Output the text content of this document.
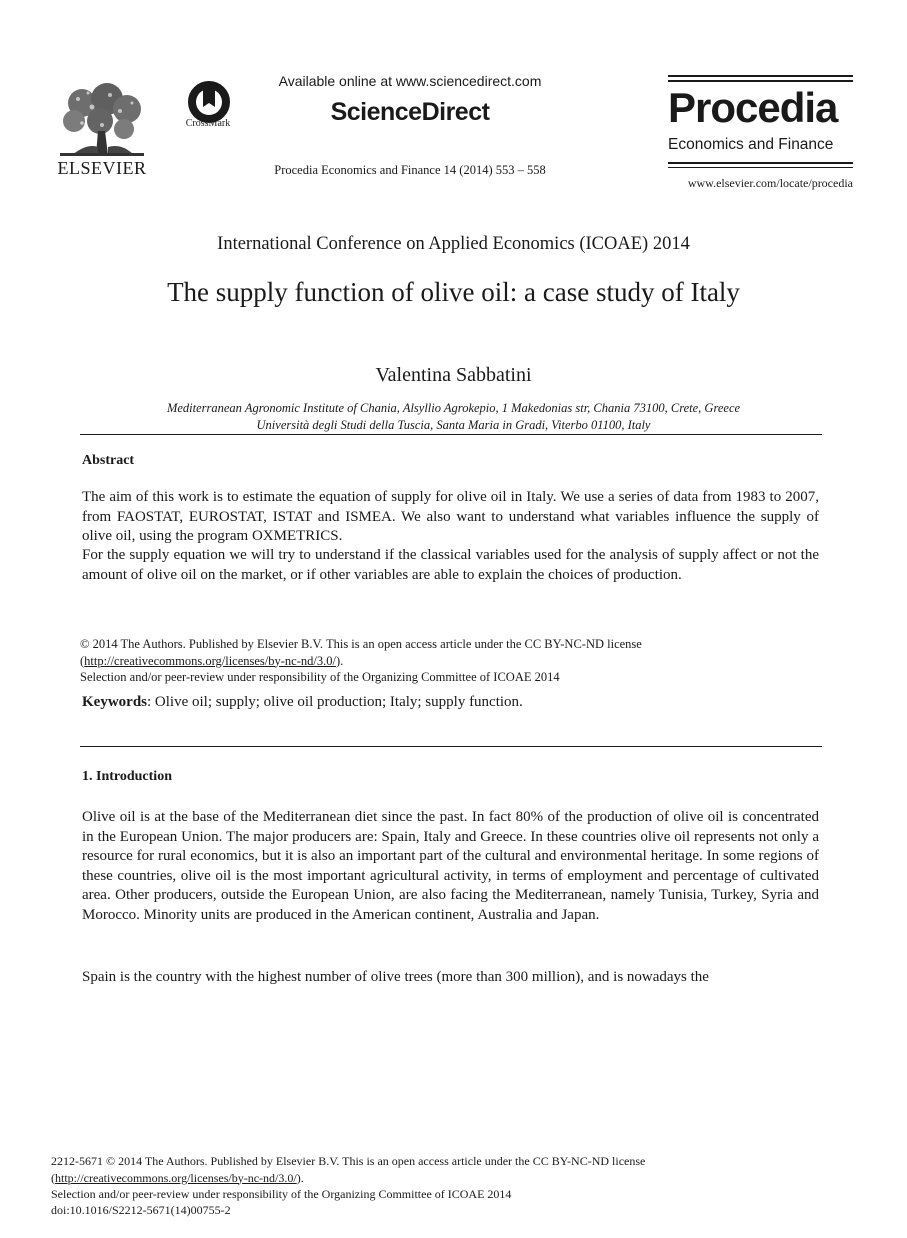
ELSEVIER
CrossMark
Available online at www.sciencedirect.com
ScienceDirect
Procedia Economics and Finance 14 (2014) 553 – 558
Procedia
Economics and Finance
www.elsevier.com/locate/procedia
International Conference on Applied Economics (ICOAE) 2014
The supply function of olive oil: a case study of Italy
Valentina Sabbatini
Mediterranean Agronomic Institute of Chania, Alsyllio Agrokepio, 1 Makedonias str, Chania 73100, Crete, Greece
Università degli Studi della Tuscia, Santa Maria in Gradi, Viterbo 01100, Italy
Abstract
The aim of this work is to estimate the equation of supply for olive oil in Italy. We use a series of data from 1983 to 2007, from FAOSTAT, EUROSTAT, ISTAT and ISMEA. We also want to understand what variables influence the supply of olive oil, using the program OXMETRICS.
For the supply equation we will try to understand if the classical variables used for the analysis of supply affect or not the amount of olive oil on the market, or if other variables are able to explain the choices of production.
© 2014 The Authors. Published by Elsevier B.V. This is an open access article under the CC BY-NC-ND license
(http://creativecommons.org/licenses/by-nc-nd/3.0/).
Selection and/or peer-review under responsibility of the Organizing Committee of ICOAE 2014
Keywords: Olive oil; supply; olive oil production; Italy; supply function.
1. Introduction
Olive oil is at the base of the Mediterranean diet since the past. In fact 80% of the production of olive oil is concentrated in the European Union. The major producers are: Spain, Italy and Greece. In these countries olive oil represents not only a resource for rural economics, but it is also an important part of the cultural and environmental heritage. In some regions of these countries, olive oil is the most important agricultural activity, in terms of employment and percentage of cultivated area. Other producers, outside the European Union, are also facing the Mediterranean, namely Tunisia, Turkey, Syria and Morocco. Minority units are produced in the American continent, Australia and Japan.
Spain is the country with the highest number of olive trees (more than 300 million), and is nowadays the
2212-5671 © 2014 The Authors. Published by Elsevier B.V. This is an open access article under the CC BY-NC-ND license
(http://creativecommons.org/licenses/by-nc-nd/3.0/).
Selection and/or peer-review under responsibility of the Organizing Committee of ICOAE 2014
doi:10.1016/S2212-5671(14)00755-2
